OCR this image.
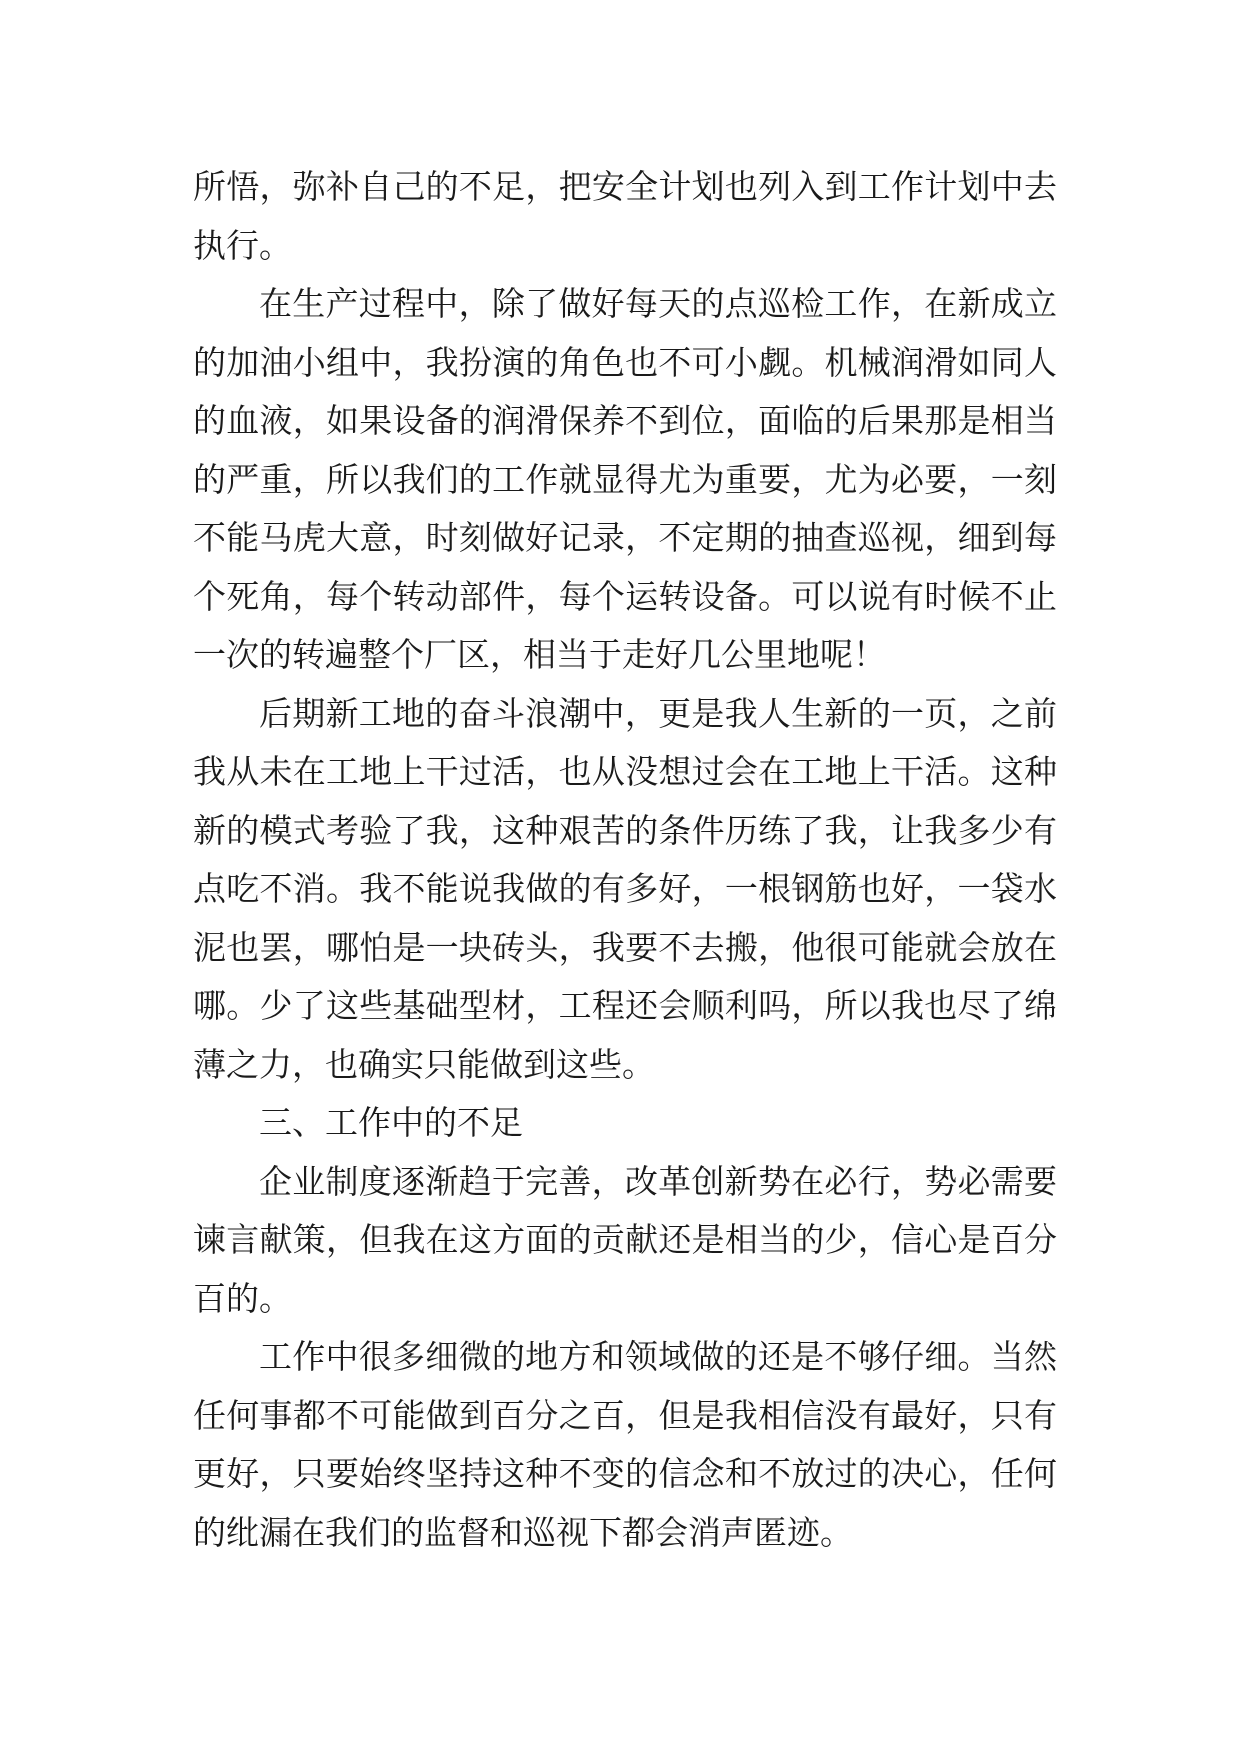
所悟，弥补自己的不足，把安全计划也列入到工作计划中去执行。

在生产过程中，除了做好每天的点巡检工作，在新成立的加油小组中，我扮演的角色也不可小觑。机械润滑如同人的血液，如果设备的润滑保养不到位，面临的后果那是相当的严重，所以我们的工作就显得尤为重要，尤为必要，一刻不能马虎大意，时刻做好记录，不定期的抽查巡视，细到每个死角，每个转动部件，每个运转设备。可以说有时候不止一次的转遍整个厂区，相当于走好几公里地呢！

后期新工地的奋斗浪潮中，更是我人生新的一页，之前我从未在工地上干过活，也从没想过会在工地上干活。这种新的模式考验了我，这种艰苦的条件历练了我，让我多少有点吃不消。我不能说我做的有多好，一根钢筋也好，一袋水泥也罢，哪怕是一块砖头，我要不去搬，他很可能就会放在哪。少了这些基础型材，工程还会顺利吗，所以我也尽了绵薄之力，也确实只能做到这些。

三、工作中的不足

企业制度逐渐趋于完善，改革创新势在必行，势必需要谏言献策，但我在这方面的贡献还是相当的少，信心是百分百的。

工作中很多细微的地方和领域做的还是不够仔细。当然任何事都不可能做到百分之百，但是我相信没有最好，只有更好，只要始终坚持这种不变的信念和不放过的决心，任何的纰漏在我们的监督和巡视下都会消声匿迹。
